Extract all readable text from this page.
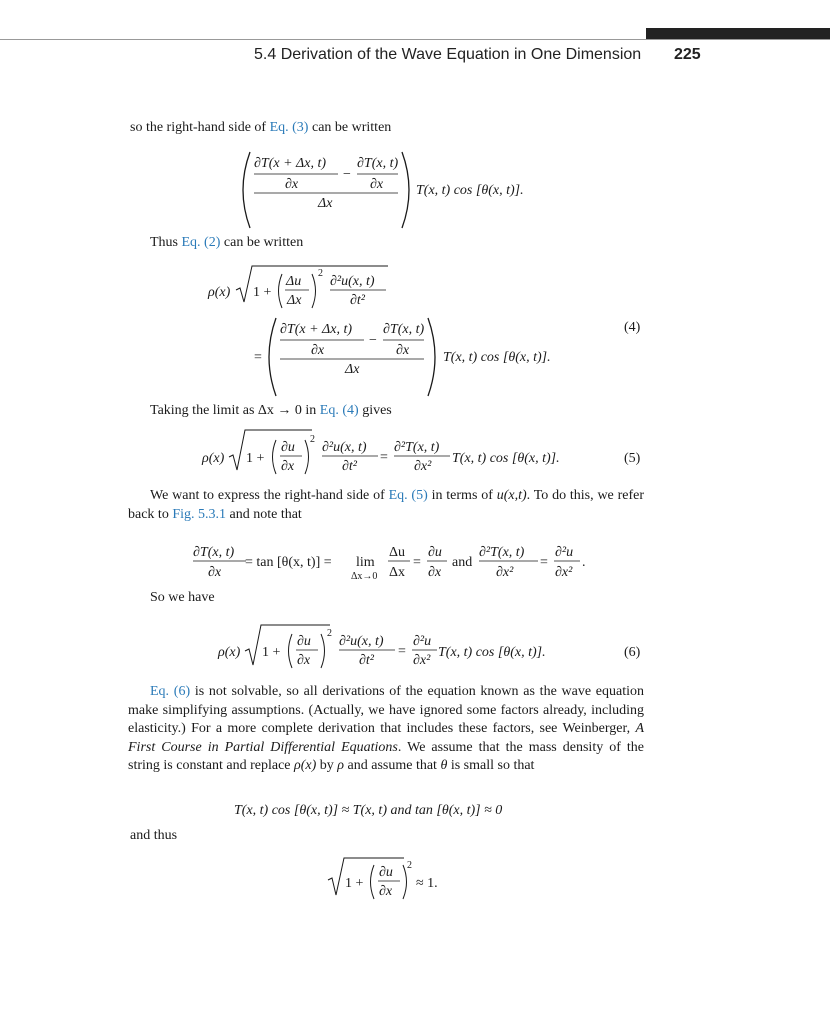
5.4 Derivation of the Wave Equation in One Dimension 225
so the right-hand side of Eq. (3) can be written
Thus Eq. (2) can be written
Taking the limit as Δx → 0 in Eq. (4) gives
We want to express the right-hand side of Eq. (5) in terms of u(x,t). To do this, we refer back to Fig. 5.3.1 and note that
So we have
Eq. (6) is not solvable, so all derivations of the equation known as the wave equation make simplifying assumptions. (Actually, we have ignored some factors already, including elasticity.) For a more complete derivation that includes these factors, see Weinberger, A First Course in Partial Differential Equations. We assume that the mass density of the string is constant and replace ρ(x) by ρ and assume that θ is small so that
and thus
∂T(x + Δx, t)
∂x
−
∂T(x, t)
∂x
Δx
T(x, t) cos [θ(x, t)].
ρ(x) 1 +
Δu
Δx
2
∂²u(x, t)
∂t²
=
∂T(x + Δx, t)
∂x
−
∂T(x, t)
∂x
Δx
T(x, t) cos [θ(x, t)].
(4)
ρ(x) 1 +
∂u
∂x
2
∂²u(x, t)
∂t²
=
∂²T(x, t)
∂x²
T(x, t) cos [θ(x, t)].	(5)
∂T(x, t)
∂x
= tan [θ(x, t)] = lim
Δx→0
Δu
Δx
=
∂u
∂x
and
∂²T(x, t)
∂x²
=
∂²u
∂x²
.
ρ(x) 1 +
∂u
∂x
2
∂²u(x, t)
∂t²
=
∂²u
∂x²
T(x, t) cos [θ(x, t)].	(6)
T(x, t) cos [θ(x, t)] ≈ T(x, t) and tan [θ(x, t)] ≈ 0
1 +
∂u
∂x
2
≈ 1.
